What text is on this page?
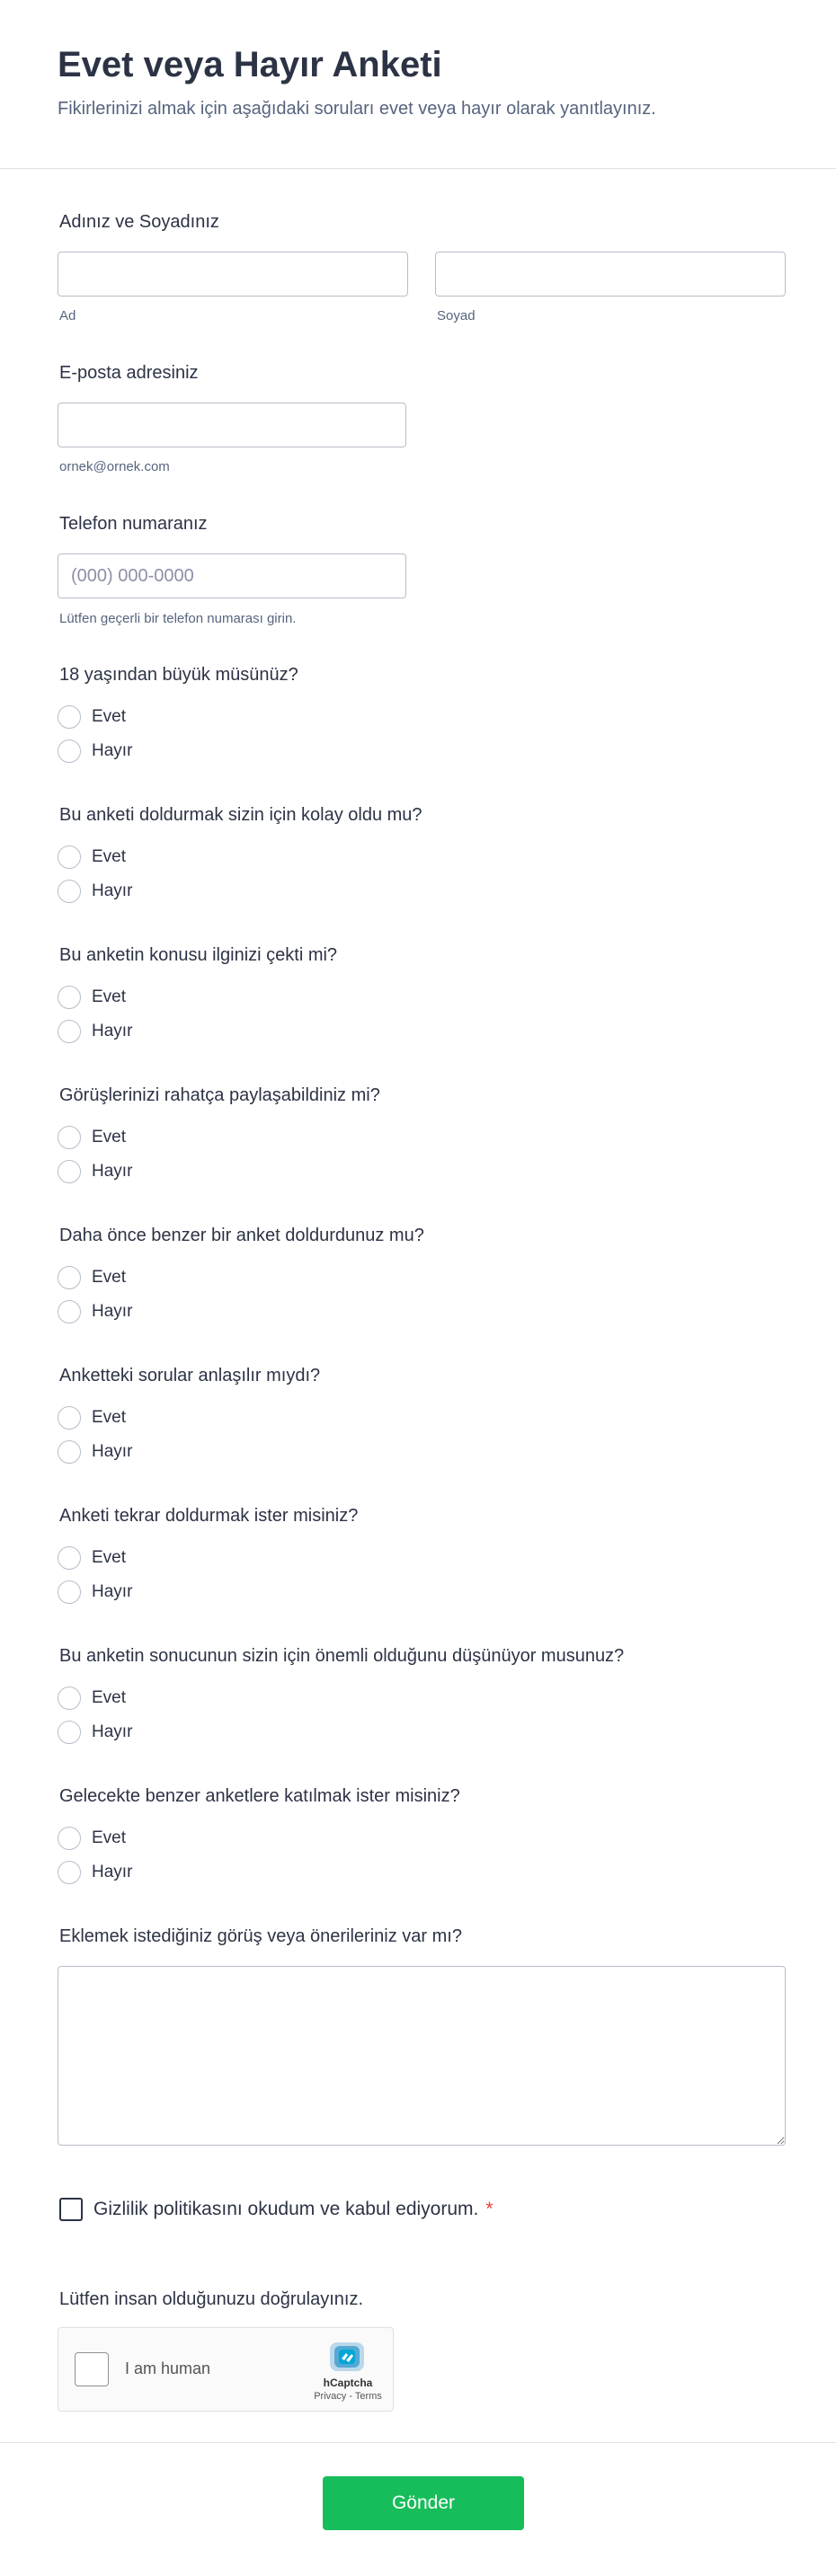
Evet veya Hayır Anketi
Fikirlerinizi almak için aşağıdaki soruları evet veya hayır olarak yanıtlayınız.
Adınız ve Soyadınız
Ad	Soyad
E-posta adresiniz
ornek@ornek.com
Telefon numaranız
(000) 000-0000
Lütfen geçerli bir telefon numarası girin.
18 yaşından büyük müsünüz?
Evet
Hayır
Bu anketi doldurmak sizin için kolay oldu mu?
Evet
Hayır
Bu anketin konusu ilginizi çekti mi?
Evet
Hayır
Görüşlerinizi rahatça paylaşabildiniz mi?
Evet
Hayır
Daha önce benzer bir anket doldurdunuz mu?
Evet
Hayır
Anketteki sorular anlaşılır mıydı?
Evet
Hayır
Anketi tekrar doldurmak ister misiniz?
Evet
Hayır
Bu anketin sonucunun sizin için önemli olduğunu düşünüyor musunuz?
Evet
Hayır
Gelecekte benzer anketlere katılmak ister misiniz?
Evet
Hayır
Eklemek istediğiniz görüş veya önerileriniz var mı?
Gizlilik politikasını okudum ve kabul ediyorum. *
Lütfen insan olduğunuzu doğrulayınız.
I am human
hCaptcha
Privacy - Terms
Gönder
